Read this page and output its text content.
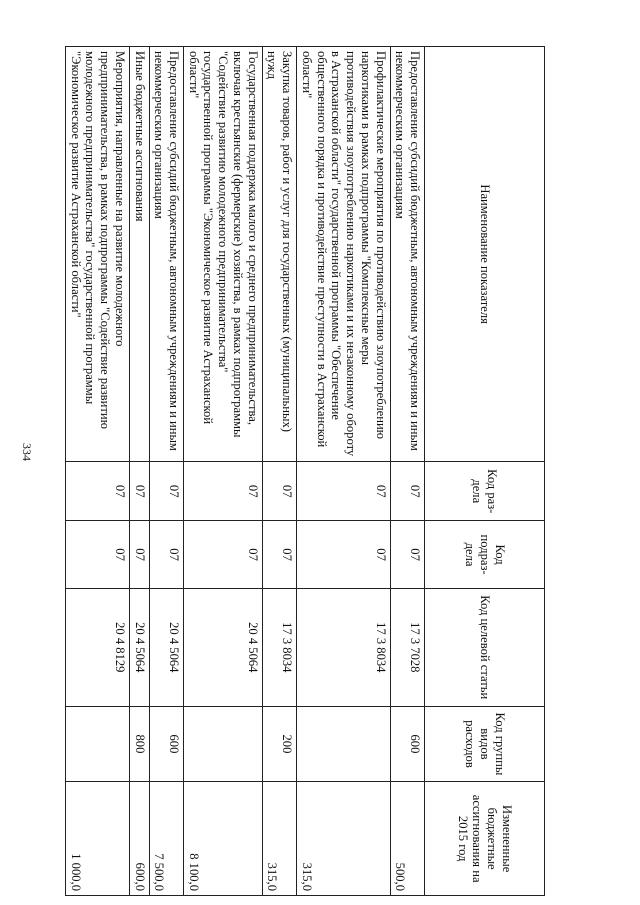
334
Наименование показателя	Код раз-дела	Код подраз-дела	Код целевой статьи	Код группы видов расходов	Измененные бюджетные ассигнования на 2015 год
Предоставление субсидий бюджетным, автономным учреждениям и иным некоммерческим организациям	07	07	17 3 7028	600	500,0
Профилактические мероприятия по противодействию злоупотреблению наркотиками в рамках подпрограммы "Комплексные меры противодействия злоупотреблению наркотиками и их незаконному обороту в Астраханской области" государственной программы "Обеспечение общественного порядка и противодействие преступности в Астраханской области"	07	07	17 3 8034		315,0
Закупка товаров, работ и услуг для государственных (муниципальных) нужд	07	07	17 3 8034	200	315,0
Государственная поддержка малого и среднего предпринимательства, включая крестьянские (фермерские) хозяйства, в рамках подпрограммы "Содействие развитию молодежного предпринимательства" государственной программы "Экономическое развитие Астраханской области"	07	07	20 4 5064		8 100,0
Предоставление субсидий бюджетным, автономным учреждениям и иным некоммерческим организациям	07	07	20 4 5064	600	7 500,0
Иные бюджетные ассигнования	07	07	20 4 5064	800	600,0
Мероприятия, направленные на развитие молодежного предпринимательства, в рамках подпрограммы "Содействие развитию молодежного предпринимательства" государственной программы "Экономическое развитие Астраханской области"	07	07	20 4 8129		1 000,0
